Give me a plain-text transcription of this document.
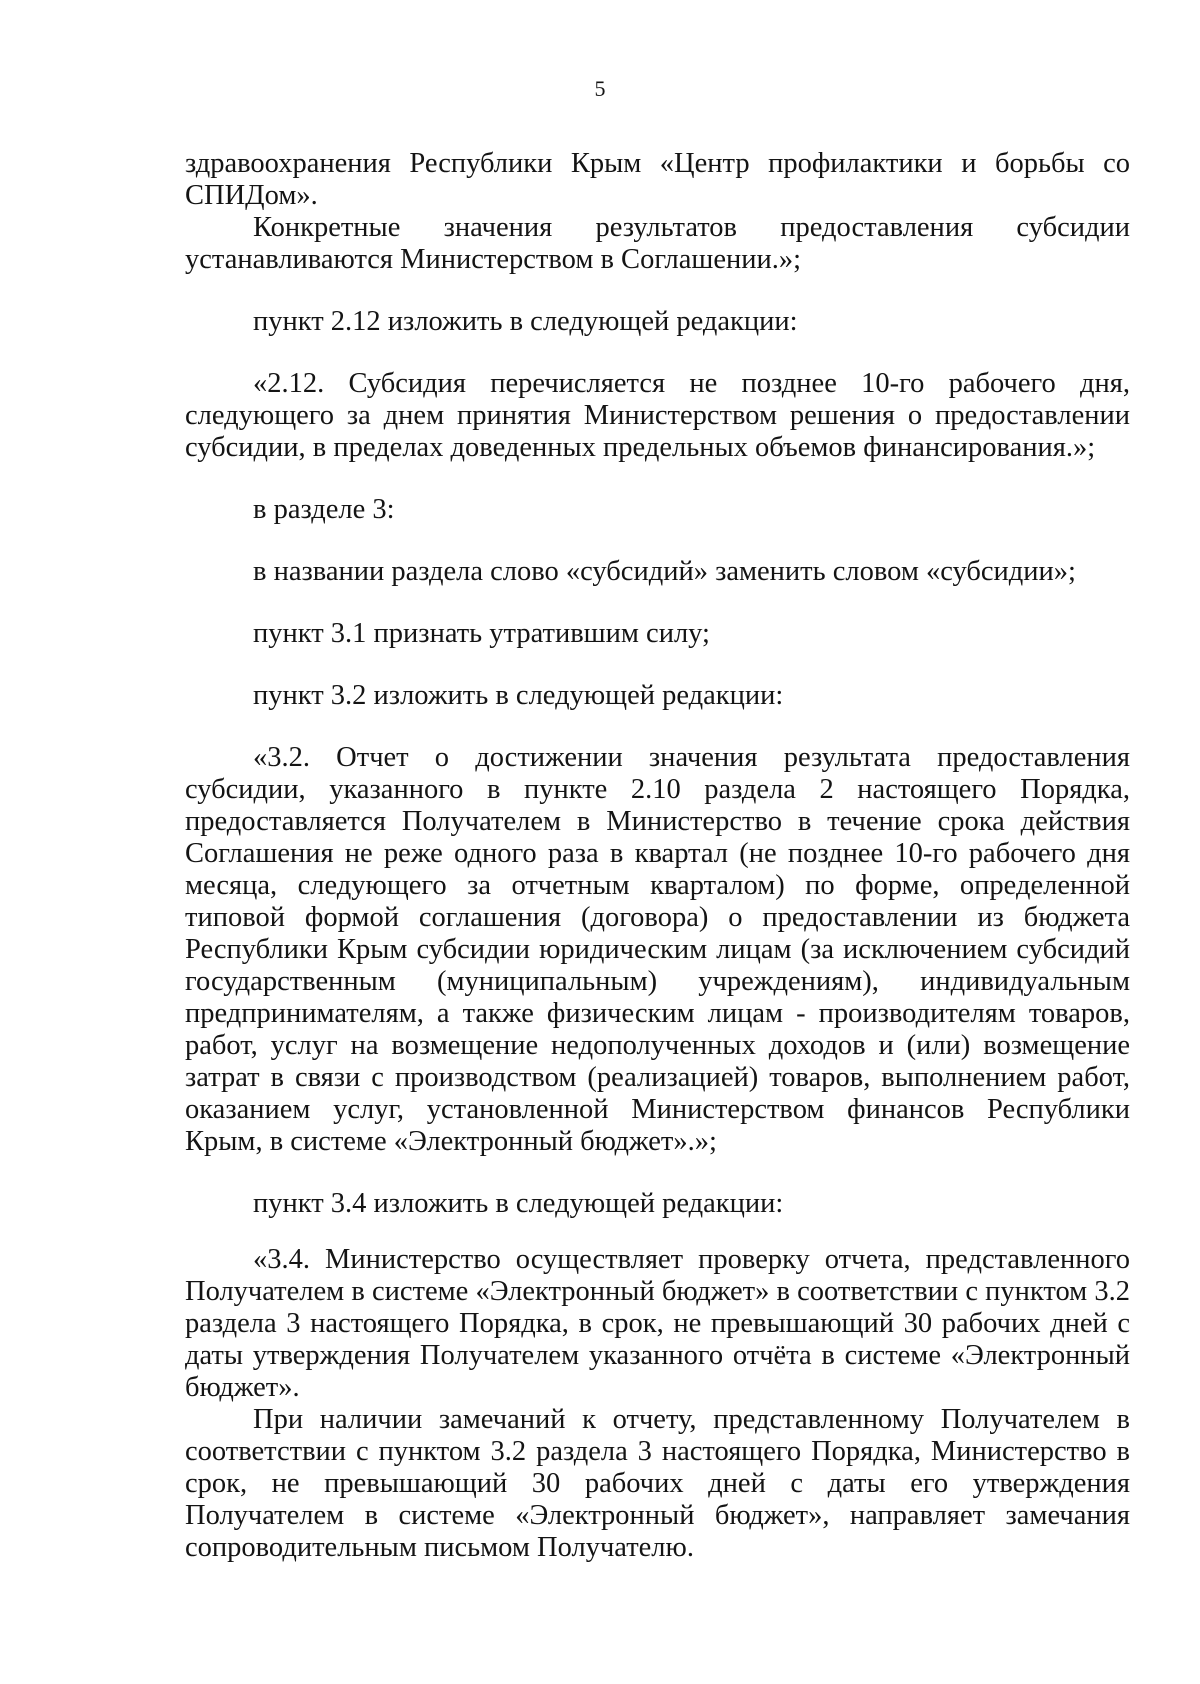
5

здравоохранения Республики Крым «Центр профилактики и борьбы со СПИДом».

Конкретные значения результатов предоставления субсидии устанавливаются Министерством в Соглашении.»;

пункт 2.12 изложить в следующей редакции:

«2.12. Субсидия перечисляется не позднее 10-го рабочего дня, следующего за днем принятия Министерством решения о предоставлении субсидии, в пределах доведенных предельных объемов финансирования.»;

в разделе 3:

в названии раздела слово «субсидий» заменить словом «субсидии»;

пункт 3.1 признать утратившим силу;

пункт 3.2 изложить в следующей редакции:

«3.2. Отчет о достижении значения результата предоставления субсидии, указанного в пункте 2.10 раздела 2 настоящего Порядка, предоставляется Получателем в Министерство в течение срока действия Соглашения не реже одного раза в квартал (не позднее 10-го рабочего дня месяца, следующего за отчетным кварталом) по форме, определенной типовой формой соглашения (договора) о предоставлении из бюджета Республики Крым субсидии юридическим лицам (за исключением субсидий государственным (муниципальным) учреждениям), индивидуальным предпринимателям, а также физическим лицам - производителям товаров, работ, услуг на возмещение недополученных доходов и (или) возмещение затрат в связи с производством (реализацией) товаров, выполнением работ, оказанием услуг, установленной Министерством финансов Республики Крым, в системе «Электронный бюджет».»;

пункт 3.4 изложить в следующей редакции:

«3.4. Министерство осуществляет проверку отчета, представленного Получателем в системе «Электронный бюджет» в соответствии с пунктом 3.2 раздела 3 настоящего Порядка, в срок, не превышающий 30 рабочих дней с даты утверждения Получателем указанного отчёта в системе «Электронный бюджет».

При наличии замечаний к отчету, представленному Получателем в соответствии с пунктом 3.2 раздела 3 настоящего Порядка, Министерство в срок, не превышающий 30 рабочих дней с даты его утверждения Получателем в системе «Электронный бюджет», направляет замечания сопроводительным письмом Получателю.
